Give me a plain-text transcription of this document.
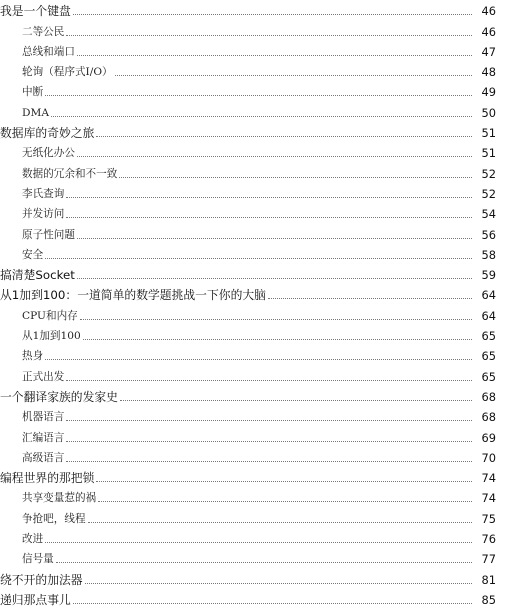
我是一个键盘	46
二等公民	46
总线和端口	47
轮询（程序式I/O）	48
中断	49
DMA	50
数据库的奇妙之旅	51
无纸化办公	51
数据的冗余和不一致	52
李氏查询	52
并发访问	54
原子性问题	56
安全	58
搞清楚Socket	59
从1加到100：一道简单的数学题挑战一下你的大脑	64
CPU和内存	64
从1加到100	65
热身	65
正式出发	65
一个翻译家族的发家史	68
机器语言	68
汇编语言	69
高级语言	70
编程世界的那把锁	74
共享变量惹的祸	74
争抢吧，线程	75
改进	76
信号量	77
绕不开的加法器	81
递归那点事儿	85
